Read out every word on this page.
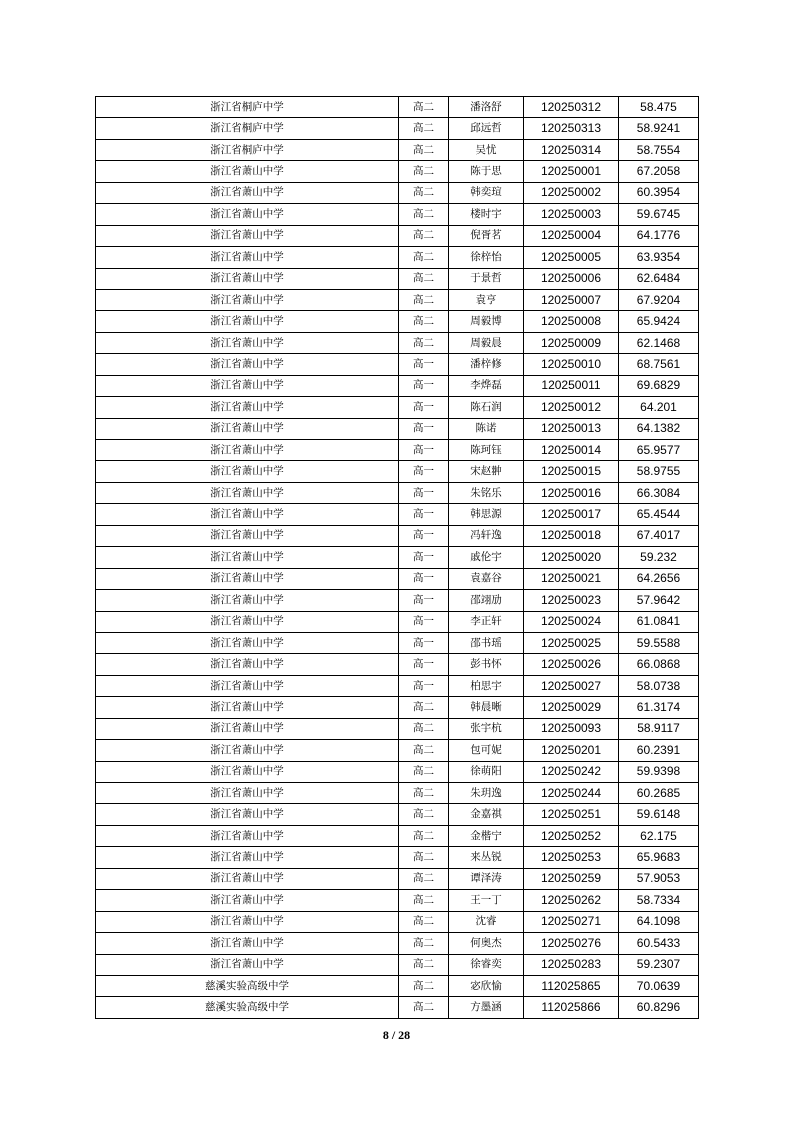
浙江省桐庐中学	高二	潘洛舒	120250312	58.475
浙江省桐庐中学	高二	邱远哲	120250313	58.9241
浙江省桐庐中学	高二	吴忧	120250314	58.7554
浙江省萧山中学	高二	陈于思	120250001	67.2058
浙江省萧山中学	高二	韩奕瑄	120250002	60.3954
浙江省萧山中学	高二	楼时宇	120250003	59.6745
浙江省萧山中学	高二	倪胥茗	120250004	64.1776
浙江省萧山中学	高二	徐梓怡	120250005	63.9354
浙江省萧山中学	高二	于景哲	120250006	62.6484
浙江省萧山中学	高二	袁亨	120250007	67.9204
浙江省萧山中学	高二	周毅博	120250008	65.9424
浙江省萧山中学	高二	周毅晨	120250009	62.1468
浙江省萧山中学	高一	潘梓修	120250010	68.7561
浙江省萧山中学	高一	李烨磊	120250011	69.6829
浙江省萧山中学	高一	陈石润	120250012	64.201
浙江省萧山中学	高一	陈诺	120250013	64.1382
浙江省萧山中学	高一	陈珂钰	120250014	65.9577
浙江省萧山中学	高一	宋赵翀	120250015	58.9755
浙江省萧山中学	高一	朱铭乐	120250016	66.3084
浙江省萧山中学	高一	韩思源	120250017	65.4544
浙江省萧山中学	高一	冯轩逸	120250018	67.4017
浙江省萧山中学	高一	戚伦宇	120250020	59.232
浙江省萧山中学	高一	袁嘉谷	120250021	64.2656
浙江省萧山中学	高一	邵翊劢	120250023	57.9642
浙江省萧山中学	高一	李正轩	120250024	61.0841
浙江省萧山中学	高一	邵书瑶	120250025	59.5588
浙江省萧山中学	高一	彭书怀	120250026	66.0868
浙江省萧山中学	高一	柏思宇	120250027	58.0738
浙江省萧山中学	高二	韩晨晰	120250029	61.3174
浙江省萧山中学	高二	张宇杭	120250093	58.9117
浙江省萧山中学	高二	包可妮	120250201	60.2391
浙江省萧山中学	高二	徐萌阳	120250242	59.9398
浙江省萧山中学	高二	朱玥逸	120250244	60.2685
浙江省萧山中学	高二	金嘉祺	120250251	59.6148
浙江省萧山中学	高二	金楷宁	120250252	62.175
浙江省萧山中学	高二	来丛锐	120250253	65.9683
浙江省萧山中学	高二	谭泽涛	120250259	57.9053
浙江省萧山中学	高二	王一丁	120250262	58.7334
浙江省萧山中学	高二	沈睿	120250271	64.1098
浙江省萧山中学	高二	何奥杰	120250276	60.5433
浙江省萧山中学	高二	徐睿奕	120250283	59.2307
慈溪实验高级中学	高二	宓欣愉	112025865	70.0639
慈溪实验高级中学	高二	方墨涵	112025866	60.8296
8 / 28
